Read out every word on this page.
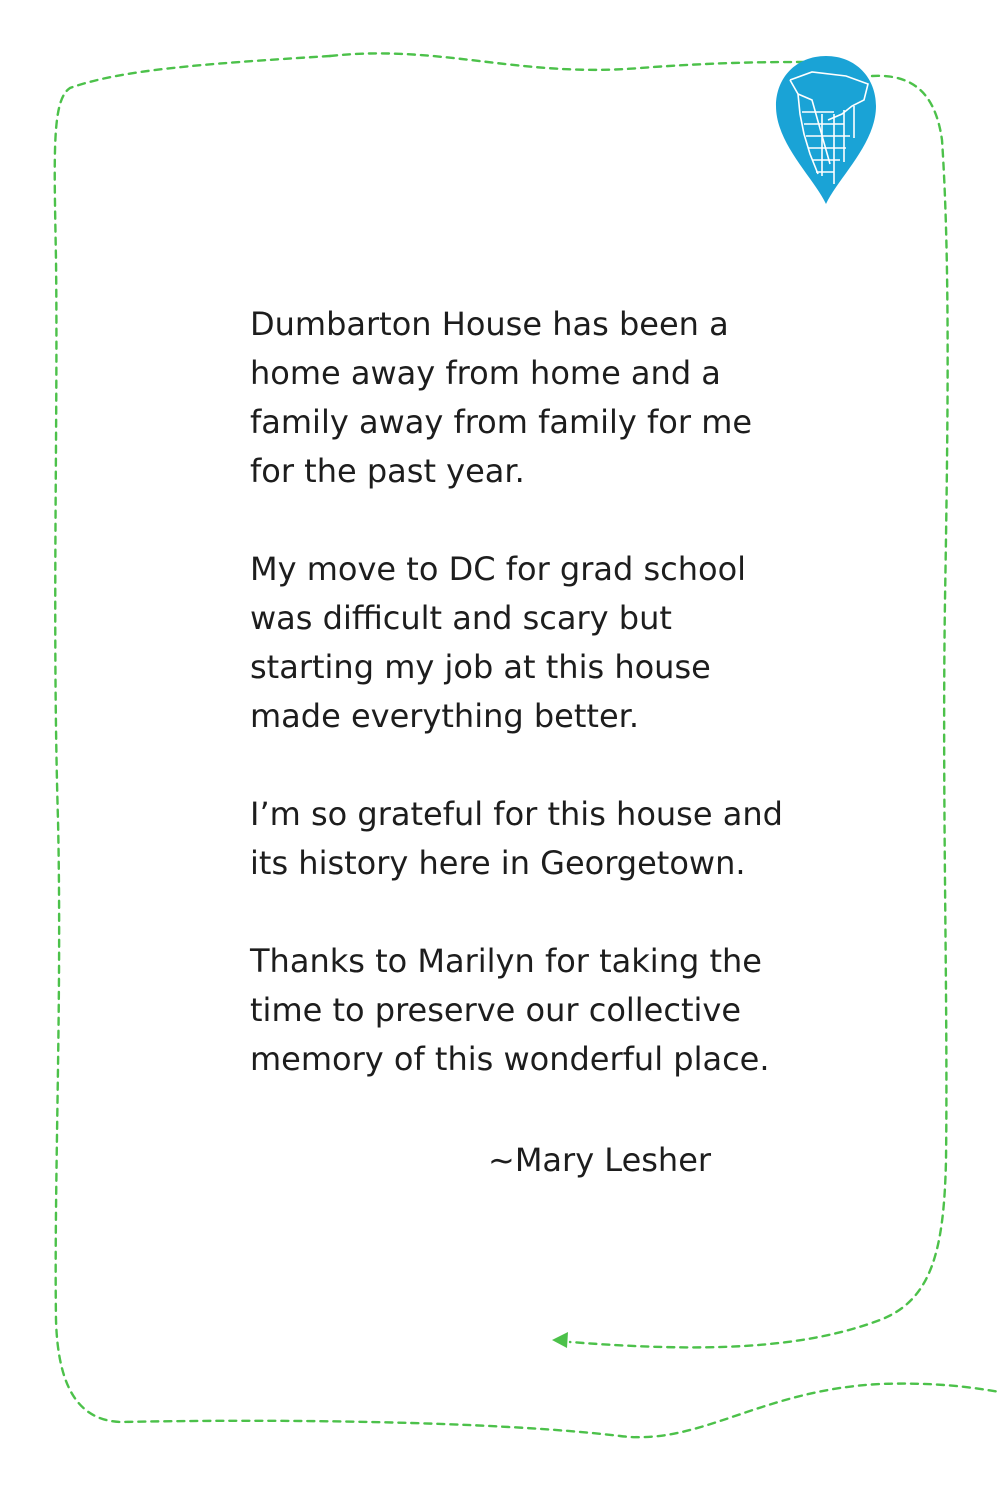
Dumbarton House has been a
home away from home and a
family away from family for me
for the past year.

My move to DC for grad school
was difficult and scary but
starting my job at this house
made everything better.

I’m so grateful for this house and
its history here in Georgetown.

Thanks to Marilyn for taking the
time to preserve our collective
memory of this wonderful place.

~Mary Lesher
